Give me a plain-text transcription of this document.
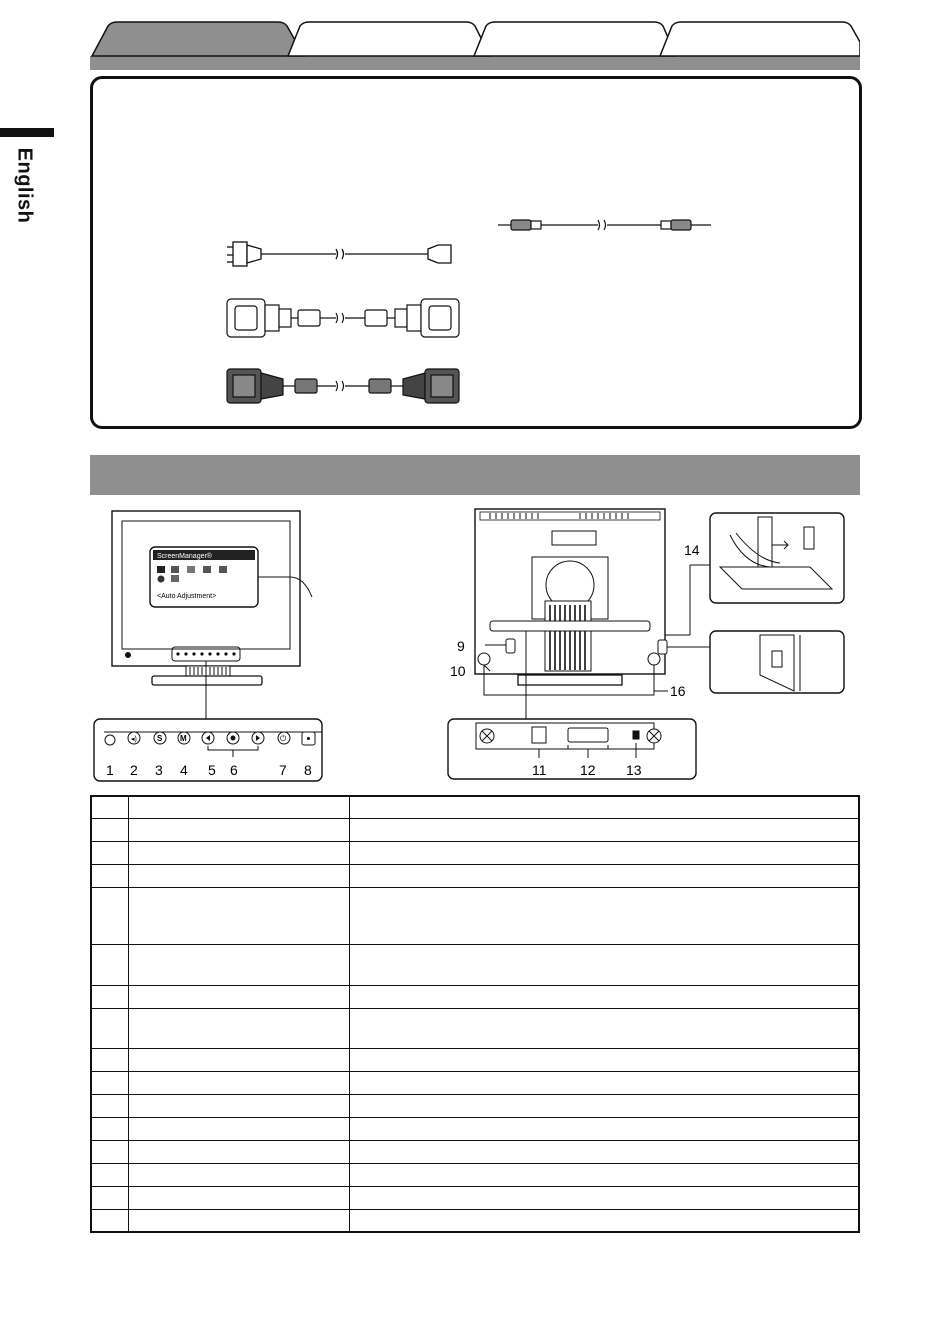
English
ScreenManager®
<Auto Adjustment>
◂)	S M	⏻
1 2 3 4 5 6	7 8
9
10
14
16
11 12 13
